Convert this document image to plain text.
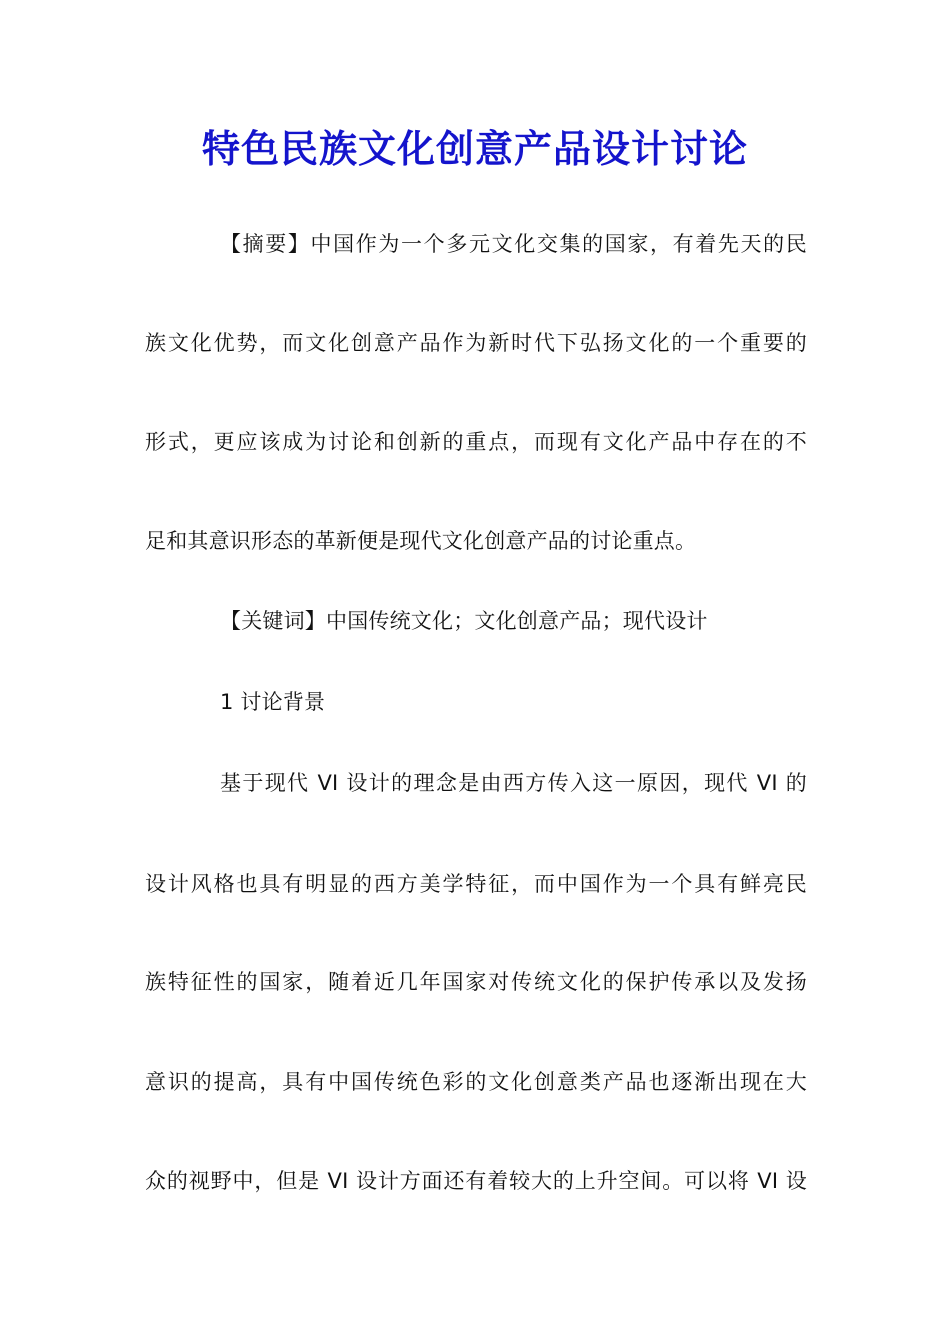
特色民族文化创意产品设计讨论
【摘要】中国作为一个多元文化交集的国家，有着先天的民
族文化优势，而文化创意产品作为新时代下弘扬文化的一个重要的
形式，更应该成为讨论和创新的重点，而现有文化产品中存在的不
足和其意识形态的革新便是现代文化创意产品的讨论重点。
【关键词】中国传统文化；文化创意产品；现代设计
1 讨论背景
基于现代 VI 设计的理念是由西方传入这一原因，现代 VI 的
设计风格也具有明显的西方美学特征，而中国作为一个具有鲜亮民
族特征性的国家，随着近几年国家对传统文化的保护传承以及发扬
意识的提高，具有中国传统色彩的文化创意类产品也逐渐出现在大
众的视野中，但是 VI 设计方面还有着较大的上升空间。可以将 VI 设
